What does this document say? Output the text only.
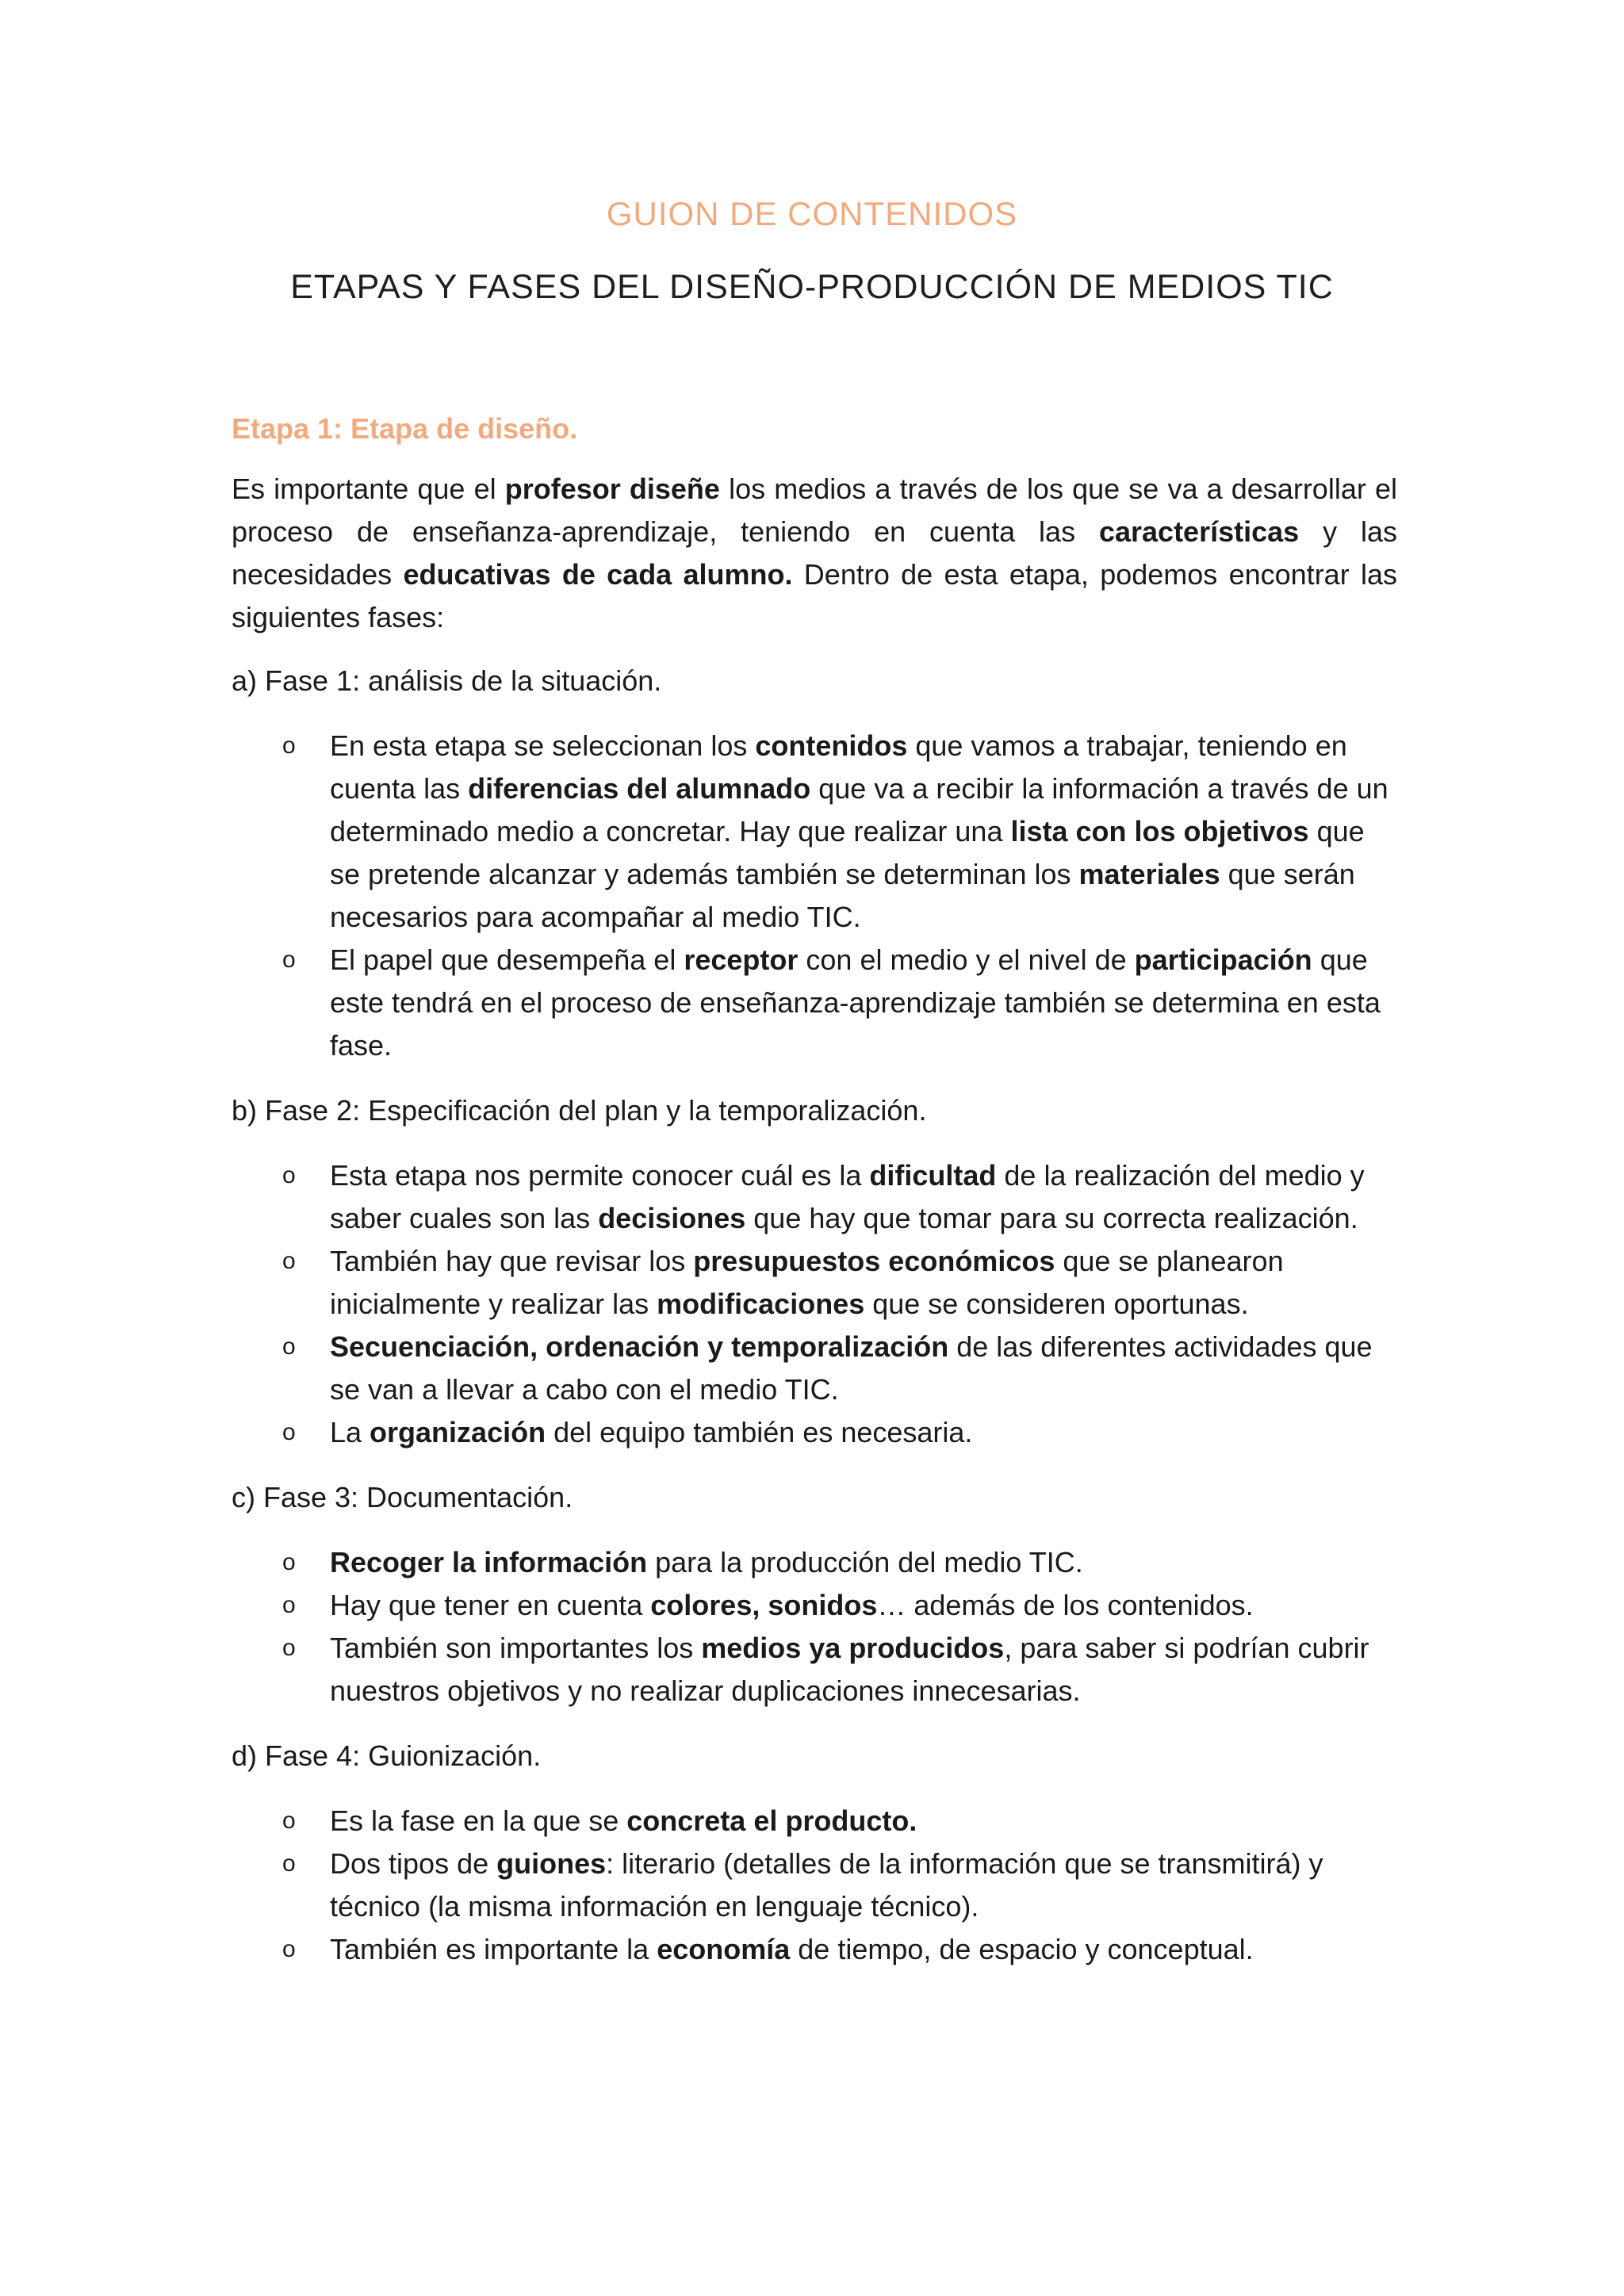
GUION DE CONTENIDOS
ETAPAS Y FASES DEL DISEÑO-PRODUCCIÓN DE MEDIOS TIC
Etapa 1: Etapa de diseño.

Es importante que el profesor diseñe los medios a través de los que se va a desarrollar el proceso de enseñanza-aprendizaje, teniendo en cuenta las características y las necesidades educativas de cada alumno. Dentro de esta etapa, podemos encontrar las siguientes fases:

a) Fase 1: análisis de la situación.
o En esta etapa se seleccionan los contenidos que vamos a trabajar, teniendo en cuenta las diferencias del alumnado que va a recibir la información a través de un determinado medio a concretar. Hay que realizar una lista con los objetivos que se pretende alcanzar y además también se determinan los materiales que serán necesarios para acompañar al medio TIC.
o El papel que desempeña el receptor con el medio y el nivel de participación que este tendrá en el proceso de enseñanza-aprendizaje también se determina en esta fase.
b) Fase 2: Especificación del plan y la temporalización.
o Esta etapa nos permite conocer cuál es la dificultad de la realización del medio y saber cuales son las decisiones que hay que tomar para su correcta realización.
o También hay que revisar los presupuestos económicos que se planearon inicialmente y realizar las modificaciones que se consideren oportunas.
o Secuenciación, ordenación y temporalización de las diferentes actividades que se van a llevar a cabo con el medio TIC.
o La organización del equipo también es necesaria.
c) Fase 3: Documentación.
o Recoger la información para la producción del medio TIC.
o Hay que tener en cuenta colores, sonidos… además de los contenidos.
o También son importantes los medios ya producidos, para saber si podrían cubrir nuestros objetivos y no realizar duplicaciones innecesarias.
d) Fase 4: Guionización.
o Es la fase en la que se concreta el producto.
o Dos tipos de guiones: literario (detalles de la información que se transmitirá) y técnico (la misma información en lenguaje técnico).
o También es importante la economía de tiempo, de espacio y conceptual.
